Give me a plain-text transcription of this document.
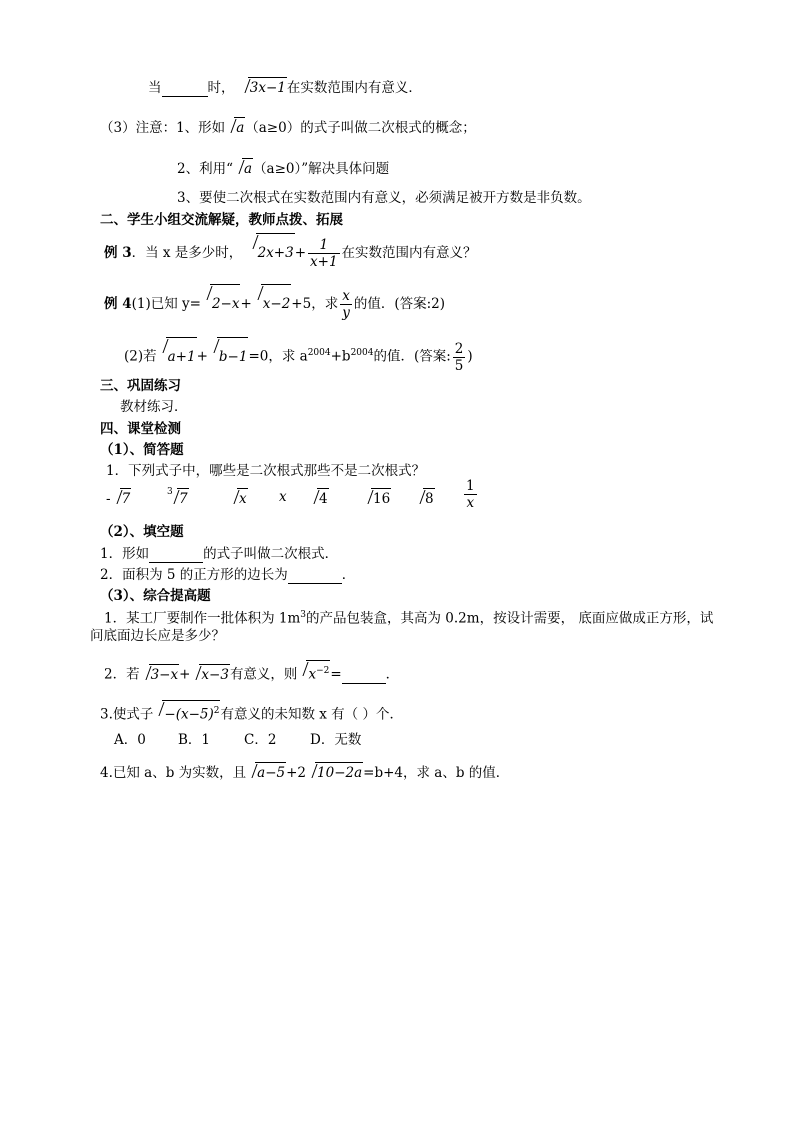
当	时， 3x−1在实数范围内有意义．
（3）注意：1、形如 a（a≥0）的式子叫做二次根式的概念；
2、利用“ a（a≥0）”解决具体问题
3、要使二次根式在实数范围内有意义，必须满足被开方数是非负数。
二、学生小组交流解疑，教师点拨、拓展
例 3．当 x 是多少时， $2x+3+ \frac{1}{x+1}$ 在实数范围内有意义？
例 4(1)已知 y= 2−x+ x−2+5，求 $\frac{x}{y}$ 的值．(答案:2)
(2)若 a+1+ b−1=0，求 $a^{2004}+b^{2004}$的值．(答案: $\frac{2}{5}$ )
三、巩固练习
教材练习．
四、课堂检测
（1）、简答题
1．下列式子中，哪些是二次根式那些不是二次根式？
- 7	3 7	x x	4	16	$8 \frac{1}{x}$
（2）、填空题
1．形如	的式子叫做二次根式．
2．面积为 5 的正方形的边长为	．
（3）、综合提高题
1．某工厂要制作一批体积为 $1m^3$的产品包装盒，其高为 0.2m，按设计需要， 底面应做成正方形，试
问底面边长应是多少？
2．若 3−x+ x−3有意义，则 $x^{-2}=$	．
3.使式子 $-(x-5)^2$有意义的未知数 x 有（ ）个．
A．0 B．1	C．2 D．无数
4.已知 a、b 为实数，且 a−5+2 10−2a=b+4，求 a、b 的值．
